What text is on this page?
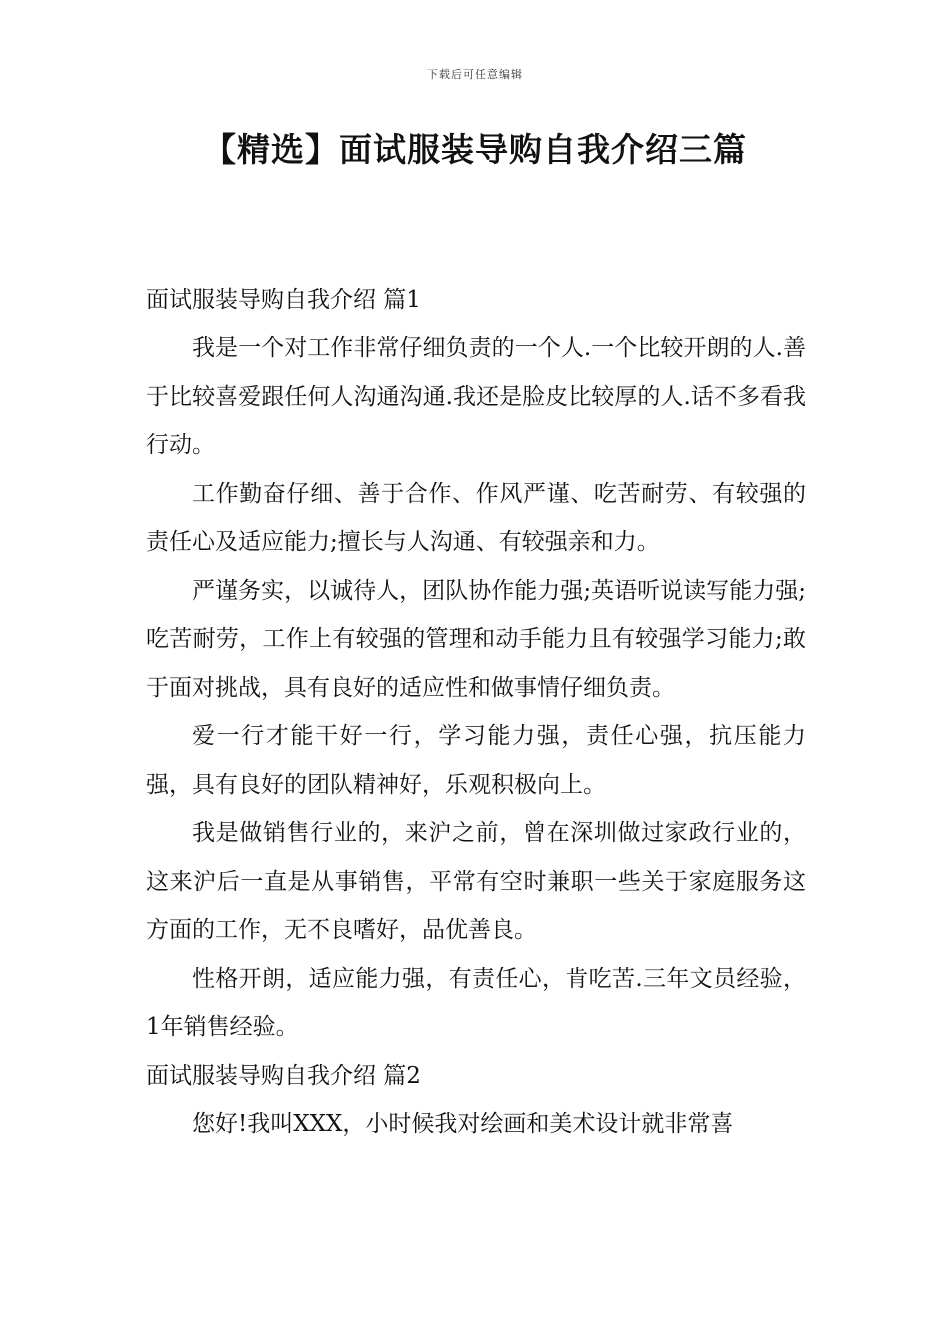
下载后可任意编辑
【精选】面试服装导购自我介绍三篇
面试服装导购自我介绍 篇1

我是一个对工作非常仔细负责的一个人.一个比较开朗的人.善于比较喜爱跟任何人沟通沟通.我还是脸皮比较厚的人.话不多看我行动。

工作勤奋仔细、善于合作、作风严谨、吃苦耐劳、有较强的责任心及适应能力;擅长与人沟通、有较强亲和力。

严谨务实，以诚待人，团队协作能力强;英语听说读写能力强;吃苦耐劳，工作上有较强的管理和动手能力且有较强学习能力;敢于面对挑战，具有良好的适应性和做事情仔细负责。

爱一行才能干好一行，学习能力强，责任心强，抗压能力强，具有良好的团队精神好，乐观积极向上。

我是做销售行业的，来沪之前，曾在深圳做过家政行业的，这来沪后一直是从事销售，平常有空时兼职一些关于家庭服务这方面的工作，无不良嗜好，品优善良。

性格开朗，适应能力强，有责任心，肯吃苦.三年文员经验，1年销售经验。

面试服装导购自我介绍 篇2

您好!我叫XXX，小时候我对绘画和美术设计就非常喜
